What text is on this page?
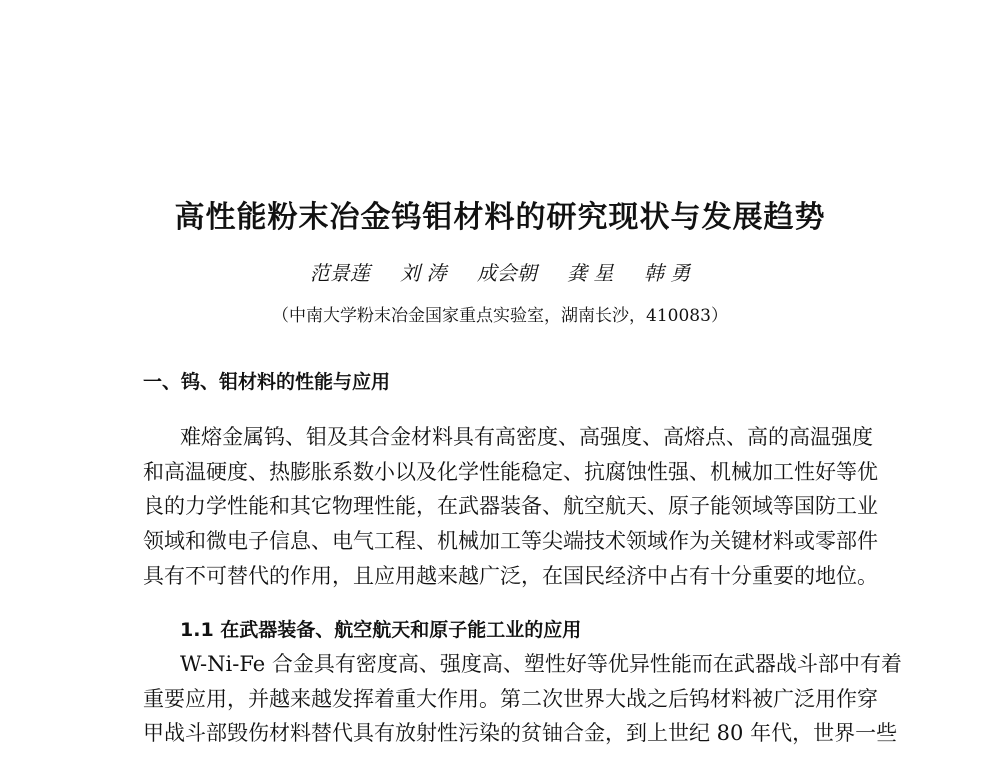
高性能粉末冶金钨钼材料的研究现状与发展趋势
范景莲 刘 涛 成会朝 龚 星 韩 勇
（中南大学粉末冶金国家重点实验室，湖南长沙，410083）
一、钨、钼材料的性能与应用
难熔金属钨、钼及其合金材料具有高密度、高强度、高熔点、高的高温强度
和高温硬度、热膨胀系数小以及化学性能稳定、抗腐蚀性强、机械加工性好等优
良的力学性能和其它物理性能，在武器装备、航空航天、原子能领域等国防工业
领域和微电子信息、电气工程、机械加工等尖端技术领域作为关键材料或零部件
具有不可替代的作用，且应用越来越广泛，在国民经济中占有十分重要的地位。
1.1 在武器装备、航空航天和原子能工业的应用
W-Ni-Fe 合金具有密度高、强度高、塑性好等优异性能而在武器战斗部中有着
重要应用，并越来越发挥着重大作用。第二次世界大战之后钨材料被广泛用作穿
甲战斗部毁伤材料替代具有放射性污染的贫铀合金，到上世纪 80 年代，世界一些
